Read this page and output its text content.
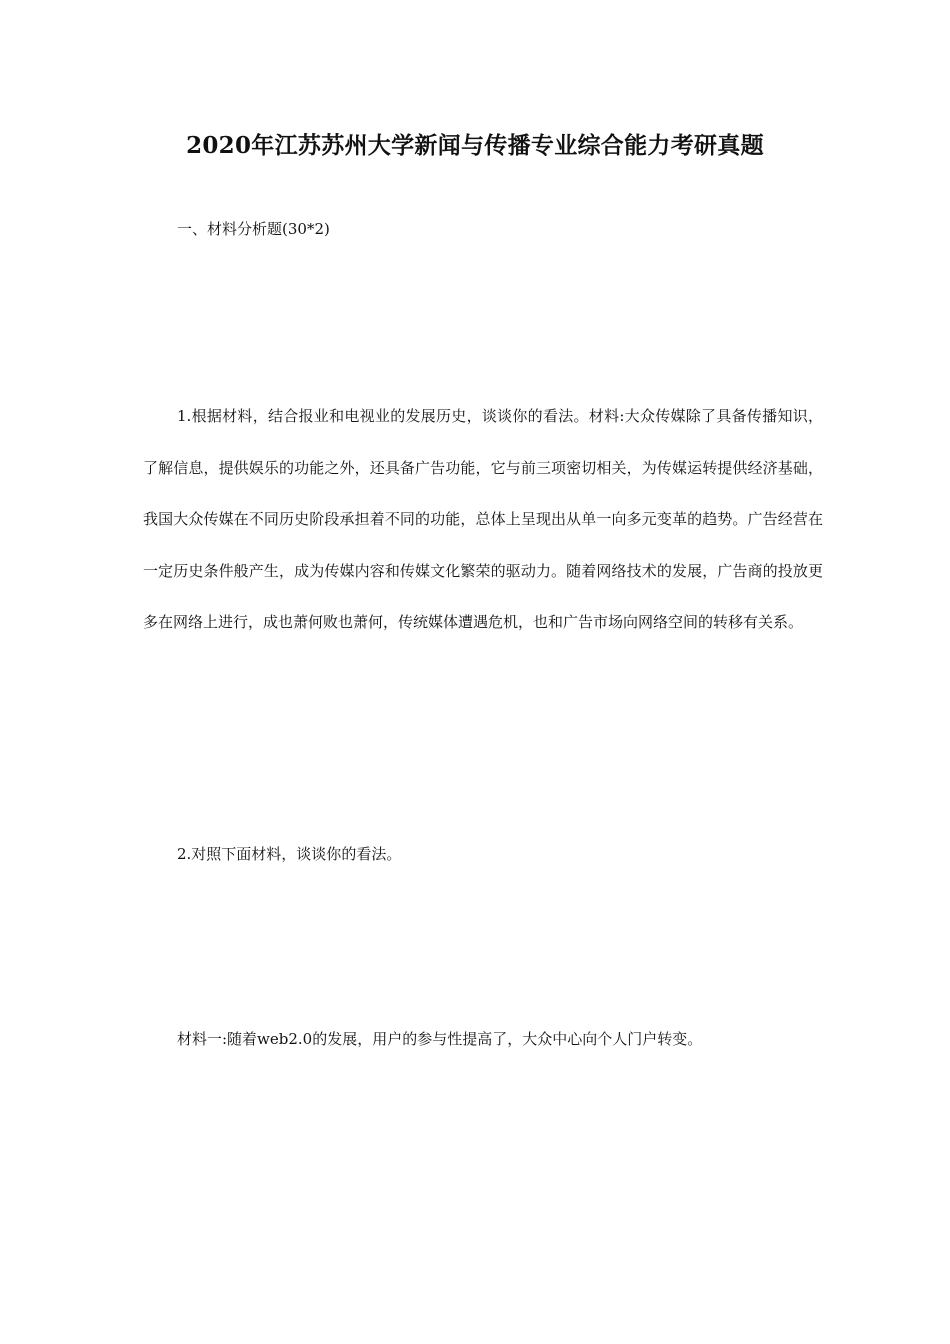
2020年江苏苏州大学新闻与传播专业综合能力考研真题

一、材料分析题(30*2)

1.根据材料，结合报业和电视业的发展历史，谈谈你的看法。材料:大众传媒除了具备传播知识，了解信息，提供娱乐的功能之外，还具备广告功能，它与前三项密切相关，为传媒运转提供经济基础，我国大众传媒在不同历史阶段承担着不同的功能，总体上呈现出从单一向多元变革的趋势。广告经营在一定历史条件般产生，成为传媒内容和传媒文化繁荣的驱动力。随着网络技术的发展，广告商的投放更多在网络上进行，成也萧何败也萧何，传统媒体遭遇危机，也和广告市场向网络空间的转移有关系。

2.对照下面材料，谈谈你的看法。

材料一:随着web2.0的发展，用户的参与性提高了，大众中心向个人门户转变。
